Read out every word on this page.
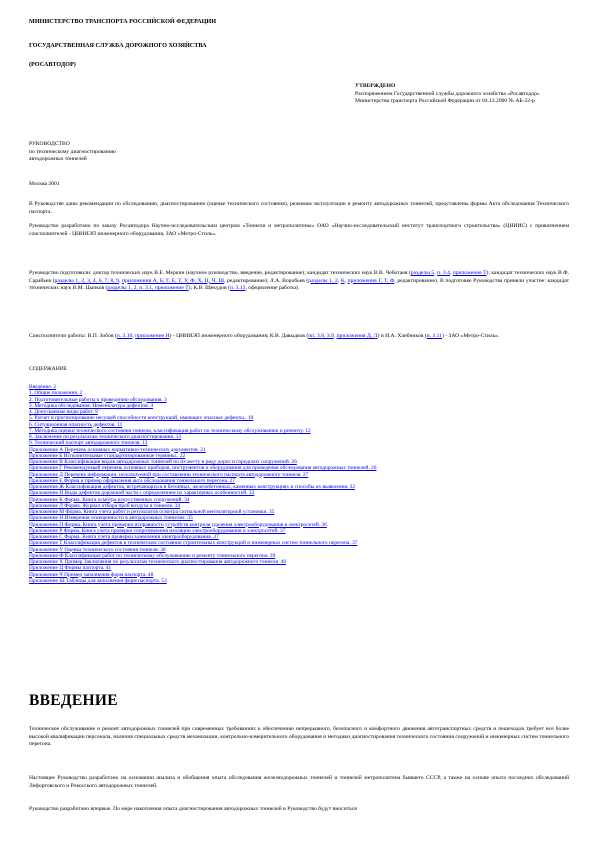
МИНИСТЕРСТВО ТРАНСПОРТА РОССИЙСКОЙ ФЕДЕРАЦИИ
ГОСУДАРСТВЕННАЯ СЛУЖБА ДОРОЖНОГО ХОЗЯЙСТВА
(РОСАВТОДОР)
УТВЕРЖДЕНО
Распоряжением Государственной службы дорожного хозяйства «Росавтодор»
Министерства транспорта Российской Федерации от 04.12.2000 № АБ-22-р
РУКОВОДСТВО
по техническому диагностированию
автодорожных тоннелей
Москва 2001
В Руководстве даны рекомендации по обследованию, диагностированию (оценке технического состояния), режимам эксплуатации и ремонту автодорожных тоннелей, представлены формы Акта обследования Технического паспорта.
Руководство разработано по заказу Росавтодора Научно-исследовательским центром «Тоннели и метрополитены» ОАО «Научно-исследовательский институт транспортного строительства» (ЦНИИС) с привлечением соисполнителей - ЦНИИЭП инженерного оборудования, ЗАО «Метро-Стиль».
Руководство подготовили: доктор технических наук В.Е. Меркин (научное руководство, введение, редактирование); кандидат технических наук В.В. Чеботаев (разделы 5, п. 3.4, приложение Т); кандидат технических наук В.Ф. Сарабьев (разделы 1, 2, 3, 4, 6, 7, 8, 9, приложения А, Б, Г, Е, Т, У, Ф, Х, Ц, Ч, Ш, редактирование); Л.А. Воробьев (разделы 1, 2, К, приложения Г, Т, Ф, редактирование). В подготовке Руководства приняли участие: кандидат технических наук В.М. Цыпков (разделы 1, 2, п. 3.1, приложение Т); К.В. Щекудов (п. 3.13, оформление работы).
Соисполнители работы: В.П. Зобов (п. 3.10, приложение Н) - ЦНИИЭП инженерного оборудования; К.В. Давыдков (пп. 3.8, 3.9, приложения Д, Л) и И.А. Хлебников (п. 3.11) - ЗАО «Метро-Стиль».
СОДЕРЖАНИЕ
Введение. 2
1. Общие положения. 2
2. Подготовительные работы к проведению обследования. 3
3. Методика обследования. Номенклатура дефектов. 4
4. Допускаемые виды работ. 9
5. Расчет и прогнозирование несущей способности конструкций, имеющих опасные дефекты.. 10
6. Ситуационная опасность дефектов. 11
7. Методика оценки технического состояния тоннеля, классификация работ по техническому обслуживанию и ремонту. 12
8. Заключение по результатам технического диагностирования. 13
9. Технический паспорт автодорожного тоннеля. 13
Приложение А Перечень основных нормативно-технических документов. 21
Приложение Б Исполнительные стандартизированные термины.. 22
Приложение В Классификация видов автодорожных тоннелей по их месту в ряду дорог и городских сооружений. 26
Приложение Г Рекомендуемый перечень основных приборов, инструментов и оборудования для проведения обследования автодорожных тоннелей. 26
Приложение Д Перечень информации, используемой при составлении технического паспорта автодорожного тоннеля. 27
Приложение Е Форма и пример оформления акта обследования тоннельного перегона. 27
Приложение Ж Классификация дефектов, встречающихся в бетонных, железобетонных, каменных конструкциях и способы их выявления. 32
Приложение И Виды дефектов дорожной части с определением их характерных особенностей. 33
Приложение К Форма. Книга осмотра искусственных сооружений. 34
Приложение Л Форма. Журнал отбора проб воздуха в тоннеле. 34
Приложение М Форма. Книга учета работ и результатов осмотра сигнальной вентиляторной установки. 35
Приложение Н Измерения освещенности в автодорожных тоннелях. 35
Приложение П Форма. Книга учета проверки исправности устройств контроля удаления электрооборудования в электросетей. 36
Приложение Р Форма. Книга учета проверки сопротивления изоляции электрооборудования и электросетей. 37
Приложение С Форма. Книга учета проверки заземления электрооборудования. 37
Приложение Т Классификация дефектов в техническом состоянии строительных конструкций и инженерных систем тоннельного перегона. 37
Приложение У Оценка технического состояния тоннеля. 38
Приложение Ф Классификация работ по техническому обслуживанию и ремонту тоннельного перегона. 39
Приложение Х Пример Заключения по результатам технического диагностирования автодорожного тоннеля. 40
Приложение Ц Формы паспорта. 41
Приложение Ч Пример заполнения форм паспорта. 48
Приложение Ш Таблицы для заполнения форм паспорта. 53
ВВЕДЕНИЕ
Техническое обслуживание и ремонт автодорожных тоннелей при современных требованиях к обеспечению непрерывного, безопасного и комфортного движения автотранспортных средств и пешеходов требует все более высокой квалификации персонала, наличия специальных средств механизации, контрольно-измерительного оборудования и методики диагностирования технического состояния сооружений и инженерных систем тоннельного перегона.
Настоящее Руководство разработано на основании анализа и обобщения опыта обследования железнодорожных тоннелей и тоннелей метрополитена бывшего СССР, а также на основе опыта последних обследований Лефортовского и Рокосского автодорожных тоннелей.
Руководство разработано впервые. По мере накопления опыта диагностирования автодорожных тоннелей в Руководство будут вноситься
